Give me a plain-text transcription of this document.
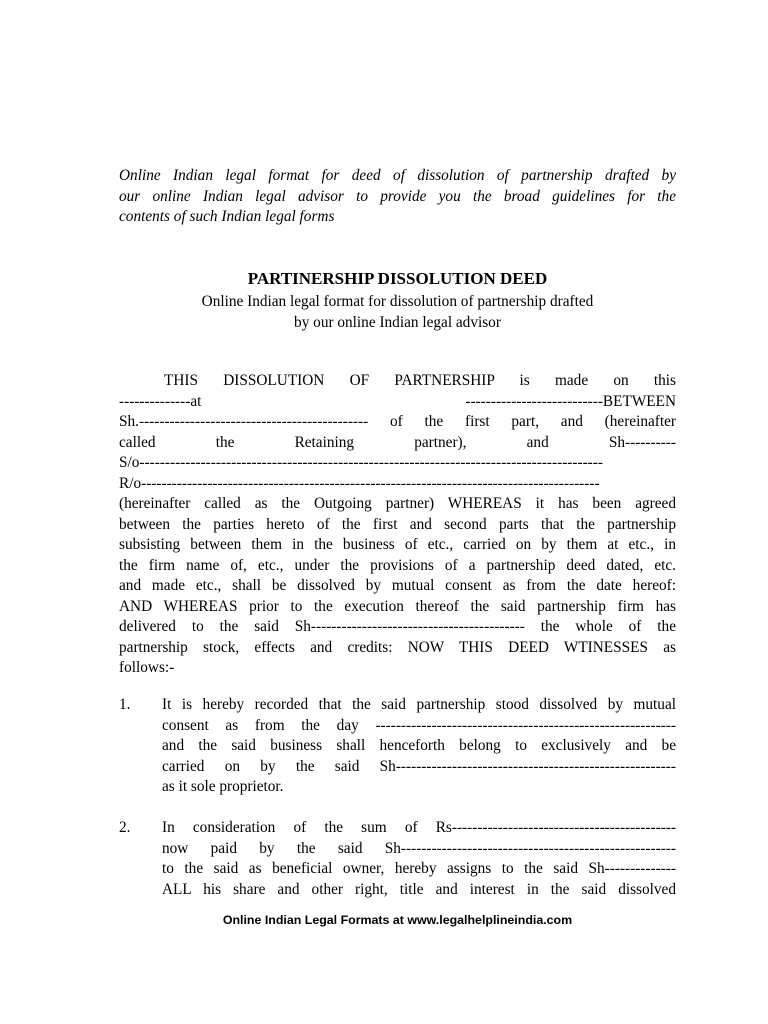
Online Indian legal format for deed of dissolution of partnership drafted by
our online Indian legal advisor to provide you the broad guidelines for the
contents of such Indian legal forms
PARTINERSHIP DISSOLUTION DEED
Online Indian legal format for dissolution of partnership drafted
by our online Indian legal advisor
THIS DISSOLUTION OF PARTNERSHIP is made on this
--------------at ---------------------------BETWEEN
Sh.--------------------------------------------- of the first part, and (hereinafter
called the Retaining partner), and Sh----------
S/o-------------------------------------------------------------------------------------------
R/o------------------------------------------------------------------------------------------
(hereinafter called as the Outgoing partner) WHEREAS it has been agreed
between the parties hereto of the first and second parts that the partnership
subsisting between them in the business of etc., carried on by them at etc., in
the firm name of, etc., under the provisions of a partnership deed dated, etc.
and made etc., shall be dissolved by mutual consent as from the date hereof:
AND WHEREAS prior to the execution thereof the said partnership firm has
delivered to the said Sh------------------------------------------ the whole of the
partnership stock, effects and credits: NOW THIS DEED WTINESSES as
follows:-
1.	It is hereby recorded that the said partnership stood dissolved by mutual
consent as from the day -----------------------------------------------------------
and the said business shall henceforth belong to exclusively and be
carried on by the said Sh-------------------------------------------------------
as it sole proprietor.
2.	In consideration of the sum of Rs--------------------------------------------
now paid by the said Sh------------------------------------------------------
to the said as beneficial owner, hereby assigns to the said Sh--------------
ALL his share and other right, title and interest in the said dissolved
Online Indian Legal Formats at www.legalhelplineindia.com
